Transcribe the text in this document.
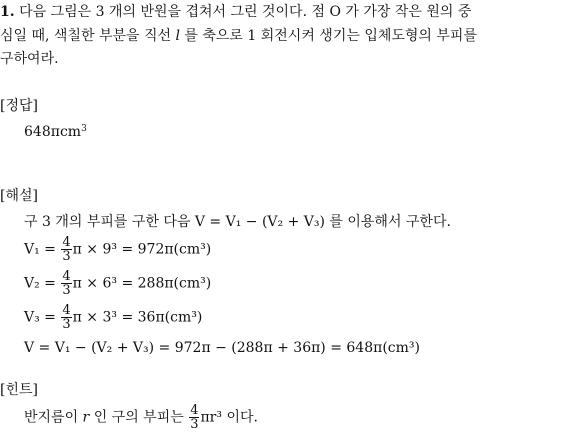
1. 다음 그림은 3 개의 반원을 겹쳐서 그린 것이다. 점 O 가 가장 작은 원의 중
심일 때, 색칠한 부분을 직선 l 를 축으로 1 회전시켜 생기는 입체도형의 부피를
구하여라.
[정답]
648πcm$^3$
[해설]
구 3 개의 부피를 구한 다음 V = V₁ − (V₂ + V₃) 를 이용해서 구한다.
$V_1 = \frac{4}{3}$ π × 9³ = 972π(cm³)
$V_2 = \frac{4}{3}$ π × 6³ = 288π(cm³)
$V_3 = \frac{4}{3}$ π × 3³ = 36π(cm³)
V = V₁ − (V₂ + V₃) = 972π − (288π + 36π) = 648π(cm³)
[힌트]
반지름이 r 인 구의 부피는 $\frac{4}{3} \pi r^3$ 이다.
